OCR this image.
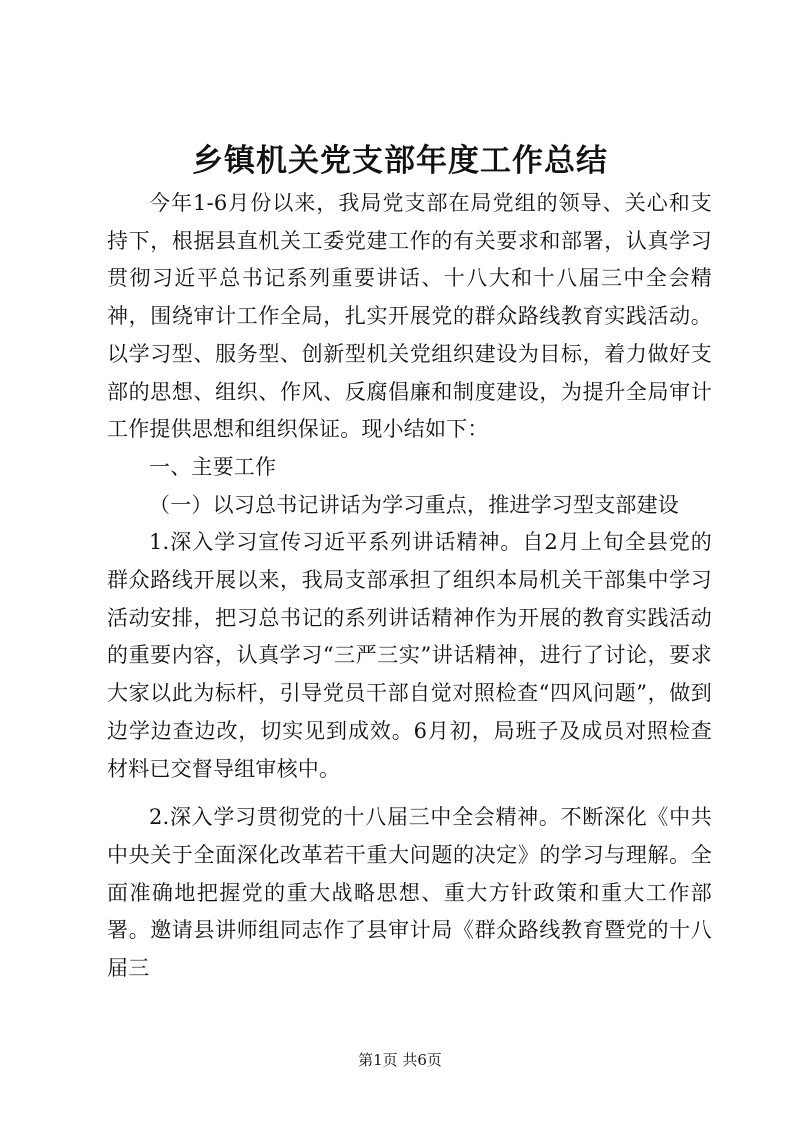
乡镇机关党支部年度工作总结

今年1-6月份以来，我局党支部在局党组的领导、关心和支持下，根据县直机关工委党建工作的有关要求和部署，认真学习贯彻习近平总书记系列重要讲话、十八大和十八届三中全会精神，围绕审计工作全局，扎实开展党的群众路线教育实践活动。以学习型、服务型、创新型机关党组织建设为目标，着力做好支部的思想、组织、作风、反腐倡廉和制度建设，为提升全局审计工作提供思想和组织保证。现小结如下：

一、主要工作

（一）以习总书记讲话为学习重点，推进学习型支部建设

1.深入学习宣传习近平系列讲话精神。自2月上旬全县党的群众路线开展以来，我局支部承担了组织本局机关干部集中学习活动安排，把习总书记的系列讲话精神作为开展的教育实践活动的重要内容，认真学习“三严三实”讲话精神，进行了讨论，要求大家以此为标杆，引导党员干部自觉对照检查“四风问题”，做到边学边查边改，切实见到成效。6月初，局班子及成员对照检查材料已交督导组审核中。

2.深入学习贯彻党的十八届三中全会精神。不断深化《中共中央关于全面深化改革若干重大问题的决定》的学习与理解。全面准确地把握党的重大战略思想、重大方针政策和重大工作部署。邀请县讲师组同志作了县审计局《群众路线教育暨党的十八届三

第1页 共6页
